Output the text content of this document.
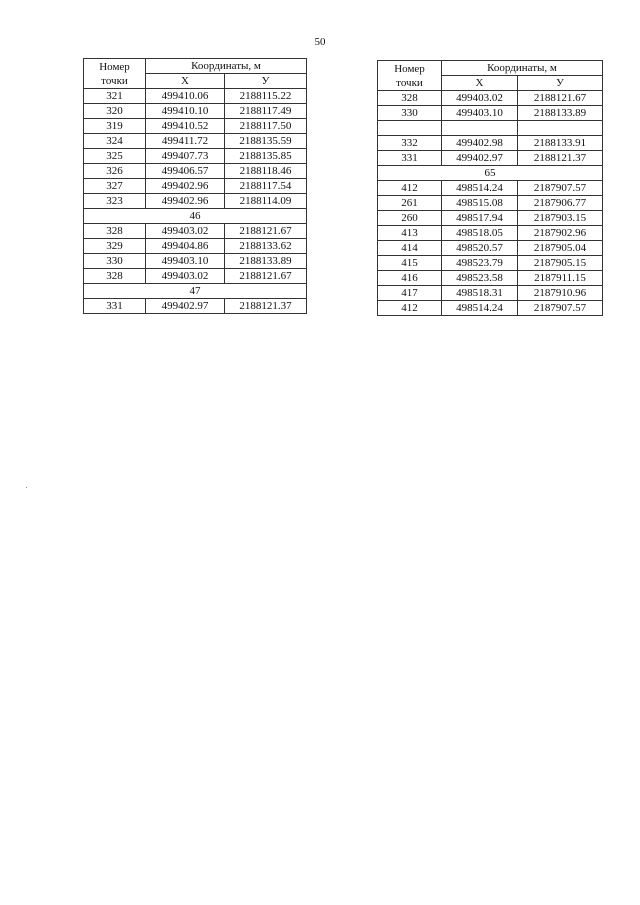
50
Номер
точки	Координаты, м	
	X	У
321	499410.06	2188115.22
320	499410.10	2188117.49
319	499410.52	2188117.50
324	499411.72	2188135.59
325	499407.73	2188135.85
326	499406.57	2188118.46
327	499402.96	2188117.54
323	499402.96	2188114.09
46		
328	499403.02	2188121.67
329	499404.86	2188133.62
330	499403.10	2188133.89
328	499403.02	2188121.67
47		
331	499402.97	2188121.37
Номер
точки	Координаты, м	
	X	У
328	499403.02	2188121.67
330	499403.10	2188133.89

332	499402.98	2188133.91
331	499402.97	2188121.37
65		
412	498514.24	2187907.57
261	498515.08	2187906.77
260	498517.94	2187903.15
413	498518.05	2187902.96
414	498520.57	2187905.04
415	498523.79	2187905.15
416	498523.58	2187911.15
417	498518.31	2187910.96
412	498514.24	2187907.57
